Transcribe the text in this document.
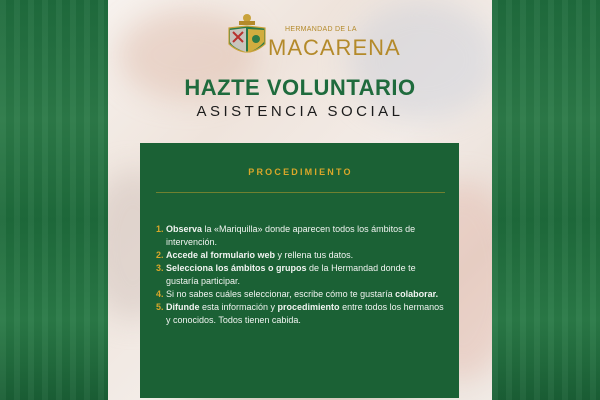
HERMANDAD DE LA
MACARENA
HAZTE VOLUNTARIO
ASISTENCIA SOCIAL
PROCEDIMIENTO
1. Observa la «Mariquilla» donde aparecen todos los ámbitos de intervención.
2. Accede al formulario web y rellena tus datos.
3. Selecciona los ámbitos o grupos de la Hermandad donde te gustaría participar.
4. Si no sabes cuáles seleccionar, escribe cómo te gustaría colaborar.
5. Difunde esta información y procedimiento entre todos los hermanos y conocidos. Todos tienen cabida.
